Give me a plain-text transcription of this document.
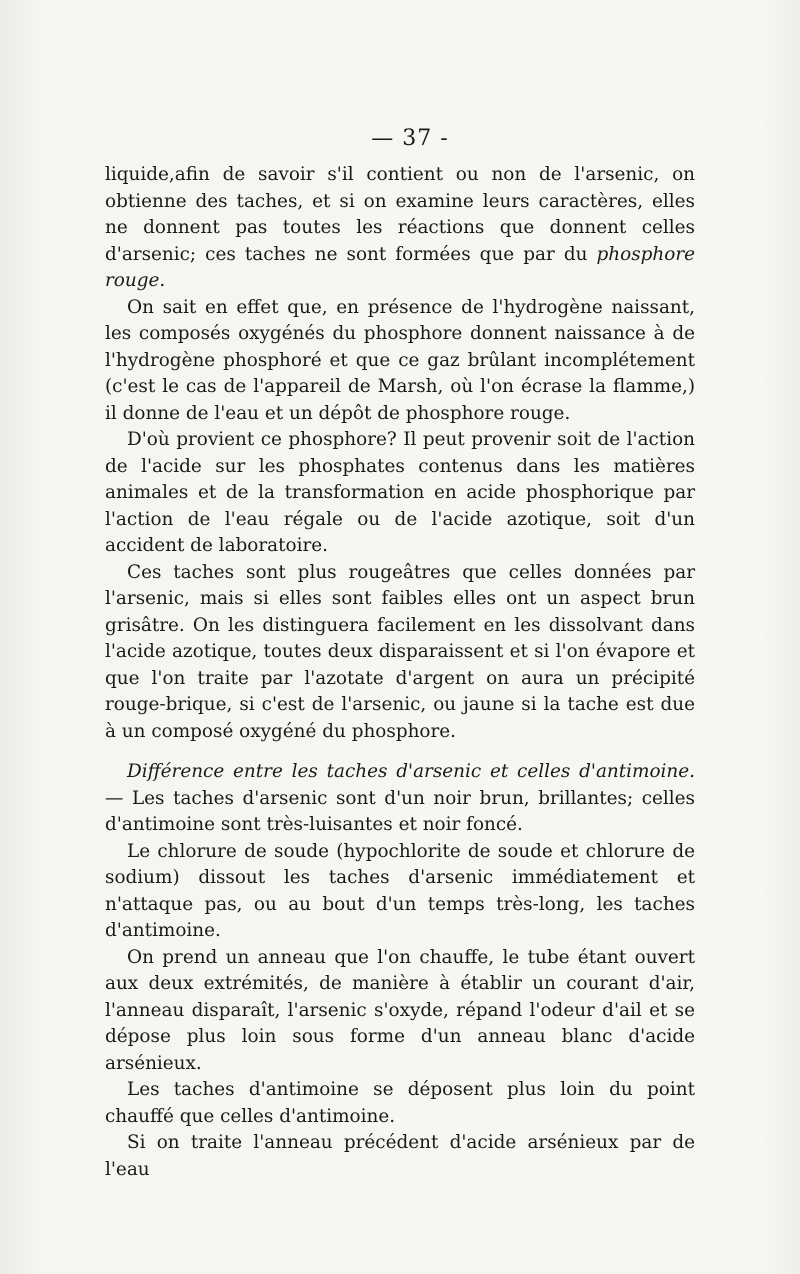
— 37 -

liquide,afin de savoir s'il contient ou non de l'arsenic, on obtienne des taches, et si on examine leurs caractères, elles ne donnent pas toutes les réactions que donnent celles d'arsenic; ces taches ne sont formées que par du phosphore rouge.

On sait en effet que, en présence de l'hydrogène naissant, les composés oxygénés du phosphore donnent naissance à de l'hydrogène phosphoré et que ce gaz brûlant incomplétement (c'est le cas de l'appareil de Marsh, où l'on écrase la flamme,) il donne de l'eau et un dépôt de phosphore rouge.

D'où provient ce phosphore? Il peut provenir soit de l'action de l'acide sur les phosphates contenus dans les matières animales et de la transformation en acide phosphorique par l'action de l'eau régale ou de l'acide azotique, soit d'un accident de laboratoire.

Ces taches sont plus rougeâtres que celles données par l'arsenic, mais si elles sont faibles elles ont un aspect brun grisâtre. On les distinguera facilement en les dissolvant dans l'acide azotique, toutes deux disparaissent et si l'on évapore et que l'on traite par l'azotate d'argent on aura un précipité rouge-brique, si c'est de l'arsenic, ou jaune si la tache est due à un composé oxygéné du phosphore.

Différence entre les taches d'arsenic et celles d'antimoine. — Les taches d'arsenic sont d'un noir brun, brillantes; celles d'antimoine sont très-luisantes et noir foncé.

Le chlorure de soude (hypochlorite de soude et chlorure de sodium) dissout les taches d'arsenic immédiatement et n'attaque pas, ou au bout d'un temps très-long, les taches d'antimoine.

On prend un anneau que l'on chauffe, le tube étant ouvert aux deux extrémités, de manière à établir un courant d'air, l'anneau disparaît, l'arsenic s'oxyde, répand l'odeur d'ail et se dépose plus loin sous forme d'un anneau blanc d'acide arsénieux.

Les taches d'antimoine se déposent plus loin du point chauffé que celles d'antimoine.

Si on traite l'anneau précédent d'acide arsénieux par de l'eau
